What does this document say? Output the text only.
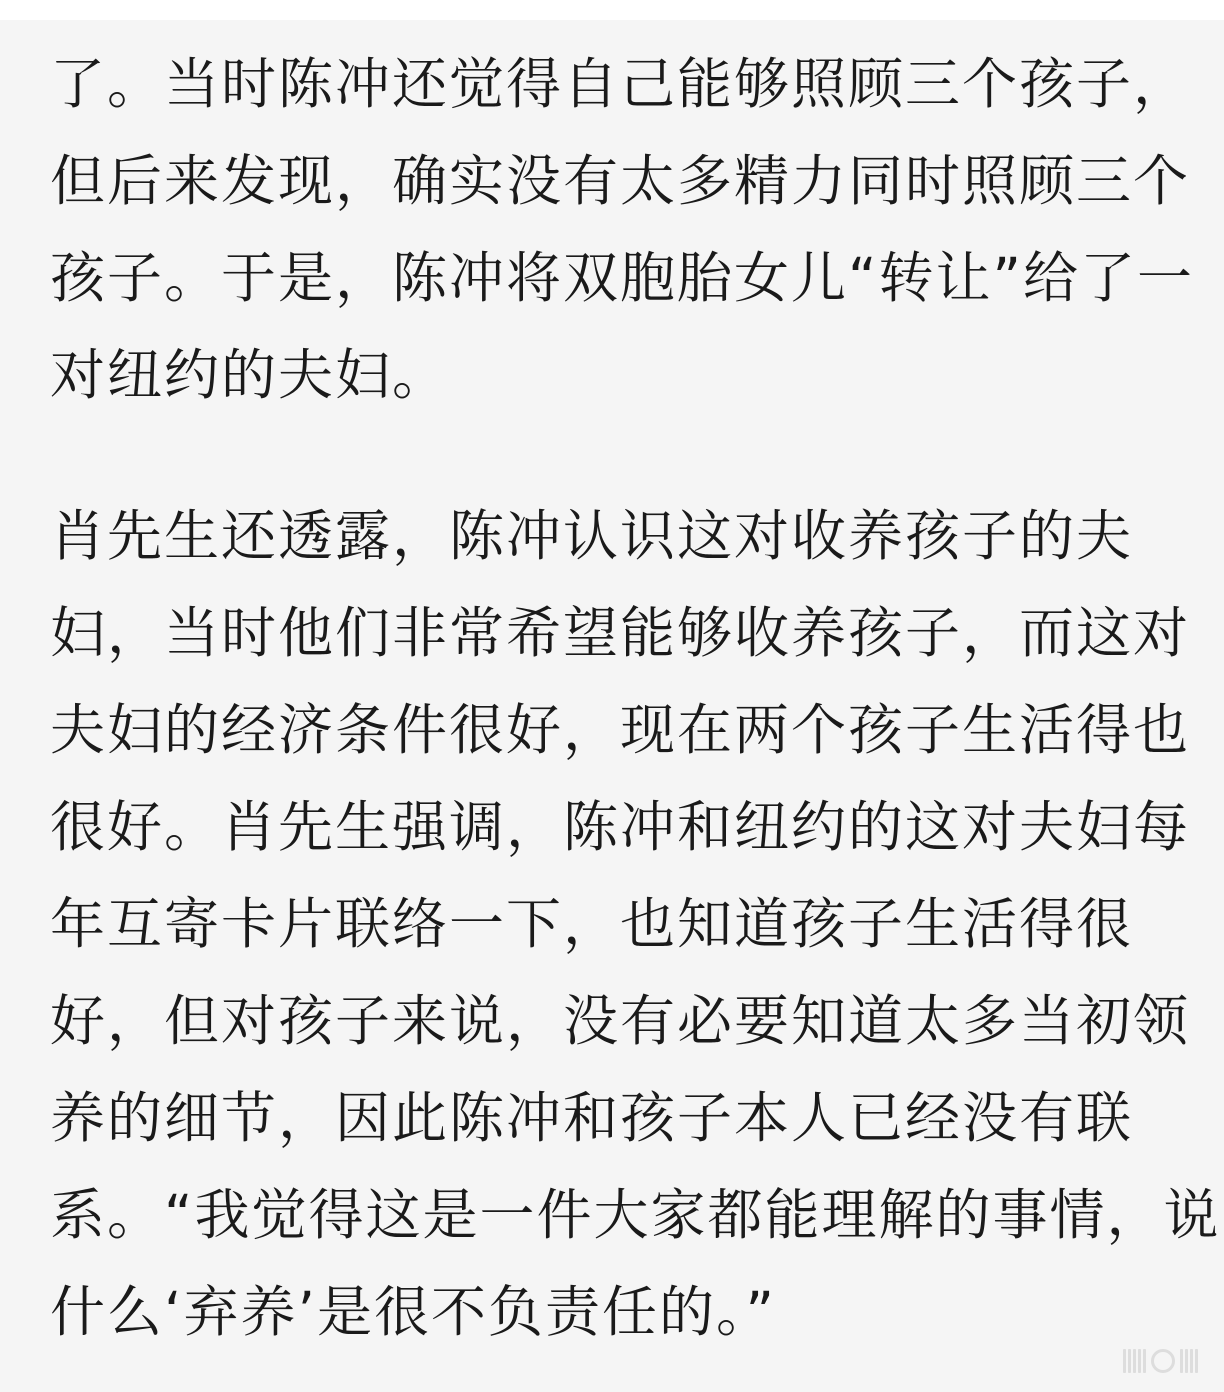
了。当时陈冲还觉得自己能够照顾三个孩子，
但后来发现，确实没有太多精力同时照顾三个
孩子。于是，陈冲将双胞胎女儿“转让”给了一
对纽约的夫妇。

肖先生还透露，陈冲认识这对收养孩子的夫
妇，当时他们非常希望能够收养孩子，而这对
夫妇的经济条件很好，现在两个孩子生活得也
很好。肖先生强调，陈冲和纽约的这对夫妇每
年互寄卡片联络一下，也知道孩子生活得很
好，但对孩子来说，没有必要知道太多当初领
养的细节，因此陈冲和孩子本人已经没有联
系。“我觉得这是一件大家都能理解的事情，说
什么‘弃养’是很不负责任的。”
